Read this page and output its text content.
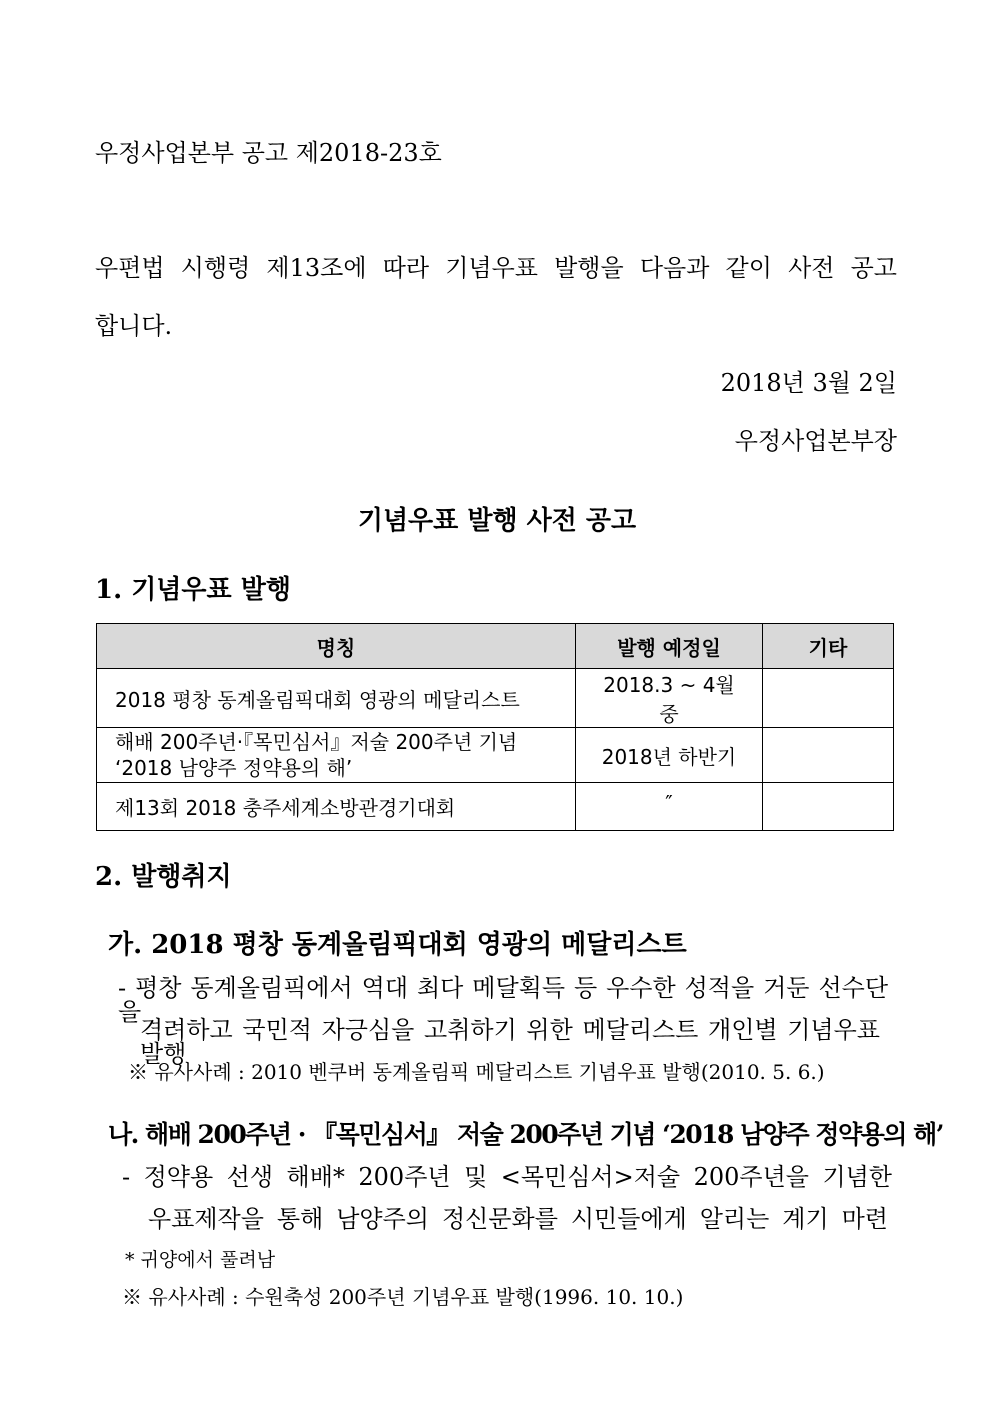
우정사업본부 공고 제2018-23호
우편법 시행령 제13조에 따라 기념우표 발행을 다음과 같이 사전 공고
합니다.
2018년 3월 2일
우정사업본부장
기념우표 발행 사전 공고
1. 기념우표 발행
명칭	발행 예정일	기타
2018 평창 동계올림픽대회 영광의 메달리스트	2018.3 ~ 4월중	

해배 200주년·『목민심서』저술 200주년 기념
‘2018 남양주 정약용의 해’	2018년 하반기	
제13회 2018 충주세계소방관경기대회	″	
2. 발행취지
가. 2018 평창 동계올림픽대회 영광의 메달리스트
- 평창 동계올림픽에서 역대 최다 메달획득 등 우수한 성적을 거둔 선수단을
격려하고 국민적 자긍심을 고취하기 위한 메달리스트 개인별 기념우표 발행
※ 유사사례 : 2010 벤쿠버 동계올림픽 메달리스트 기념우표 발행(2010. 5. 6.)
나. 해배 200주년 · 『목민심서』 저술 200주년 기념 ‘2018 남양주 정약용의 해’
- 정약용 선생 해배* 200주년 및 <목민심서>저술 200주년을 기념한
우표제작을 통해 남양주의 정신문화를 시민들에게 알리는 계기 마련
* 귀양에서 풀려남
※ 유사사례 : 수원축성 200주년 기념우표 발행(1996. 10. 10.)
